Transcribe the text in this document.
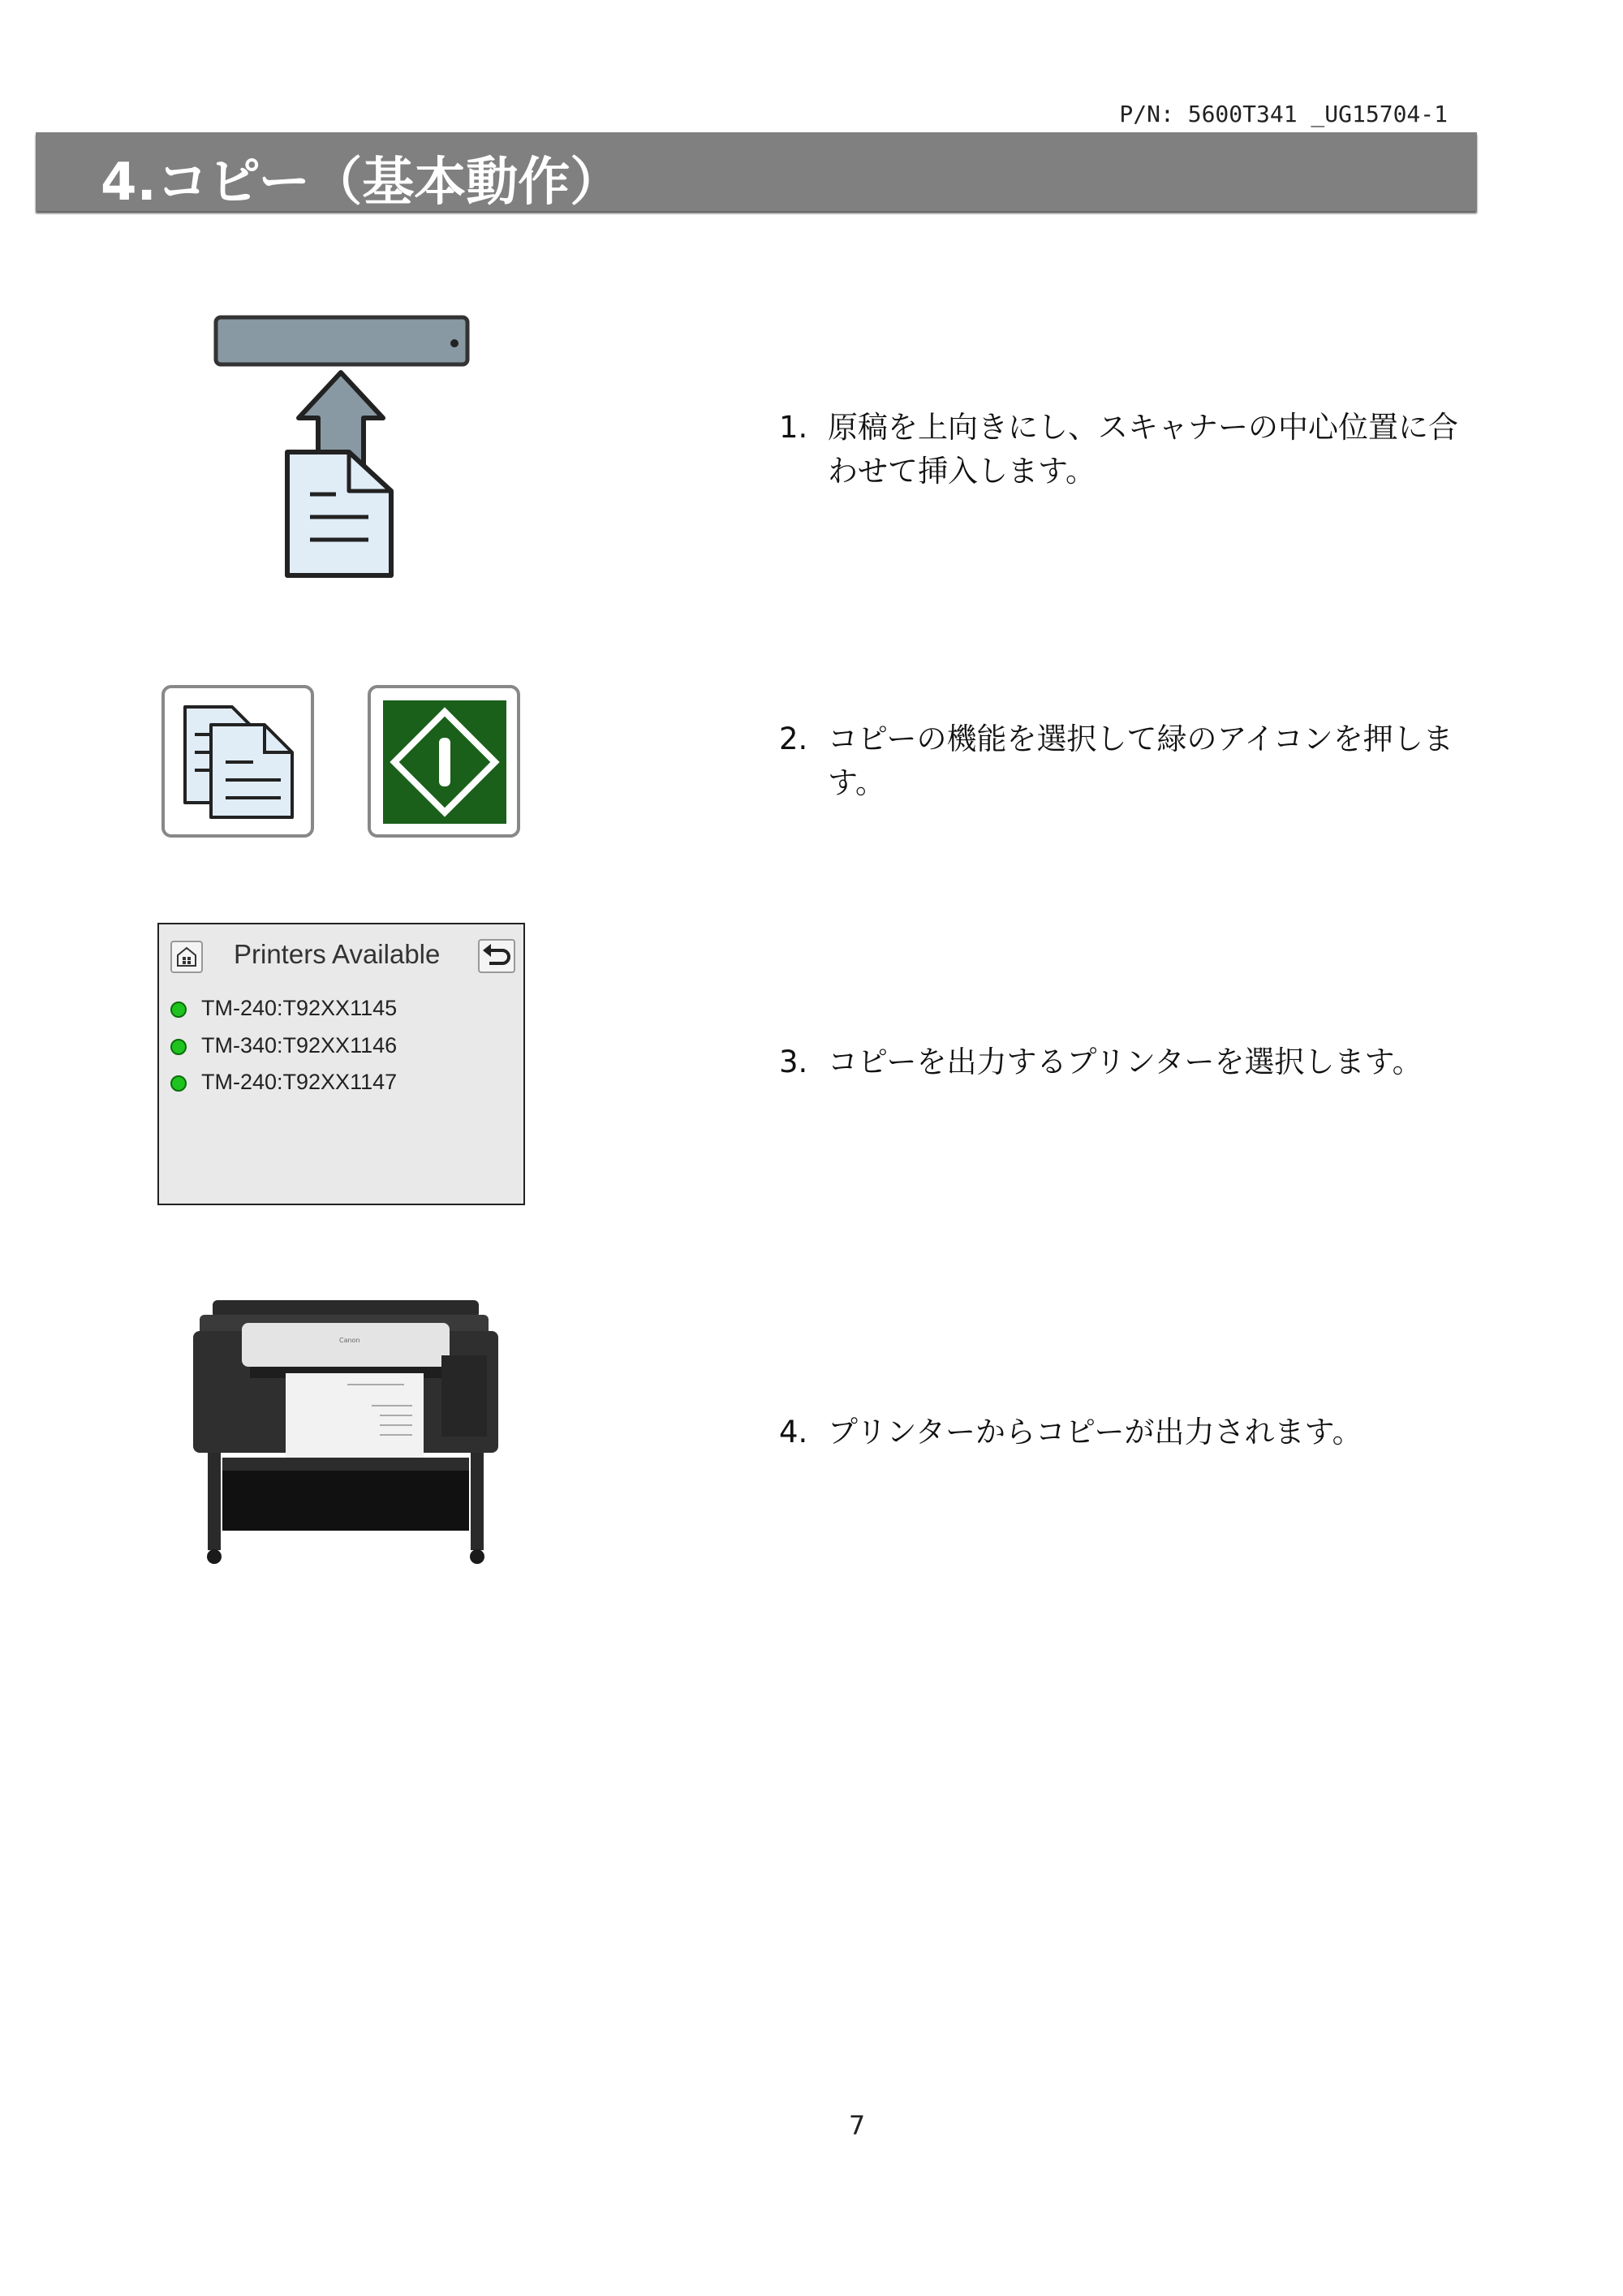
P/N: 5600T341 _UG15704-1
4.コピー（基本動作）
1. 原稿を上向きにし、スキャナーの中心位置に合わせて挿入します。
2. コピーの機能を選択して緑のアイコンを押します。
Printers Available
TM-240:T92XX1145
TM-340:T92XX1146
TM-240:T92XX1147
3. コピーを出力するプリンターを選択します。
Canon
4. プリンターからコピーが出力されます。
7
